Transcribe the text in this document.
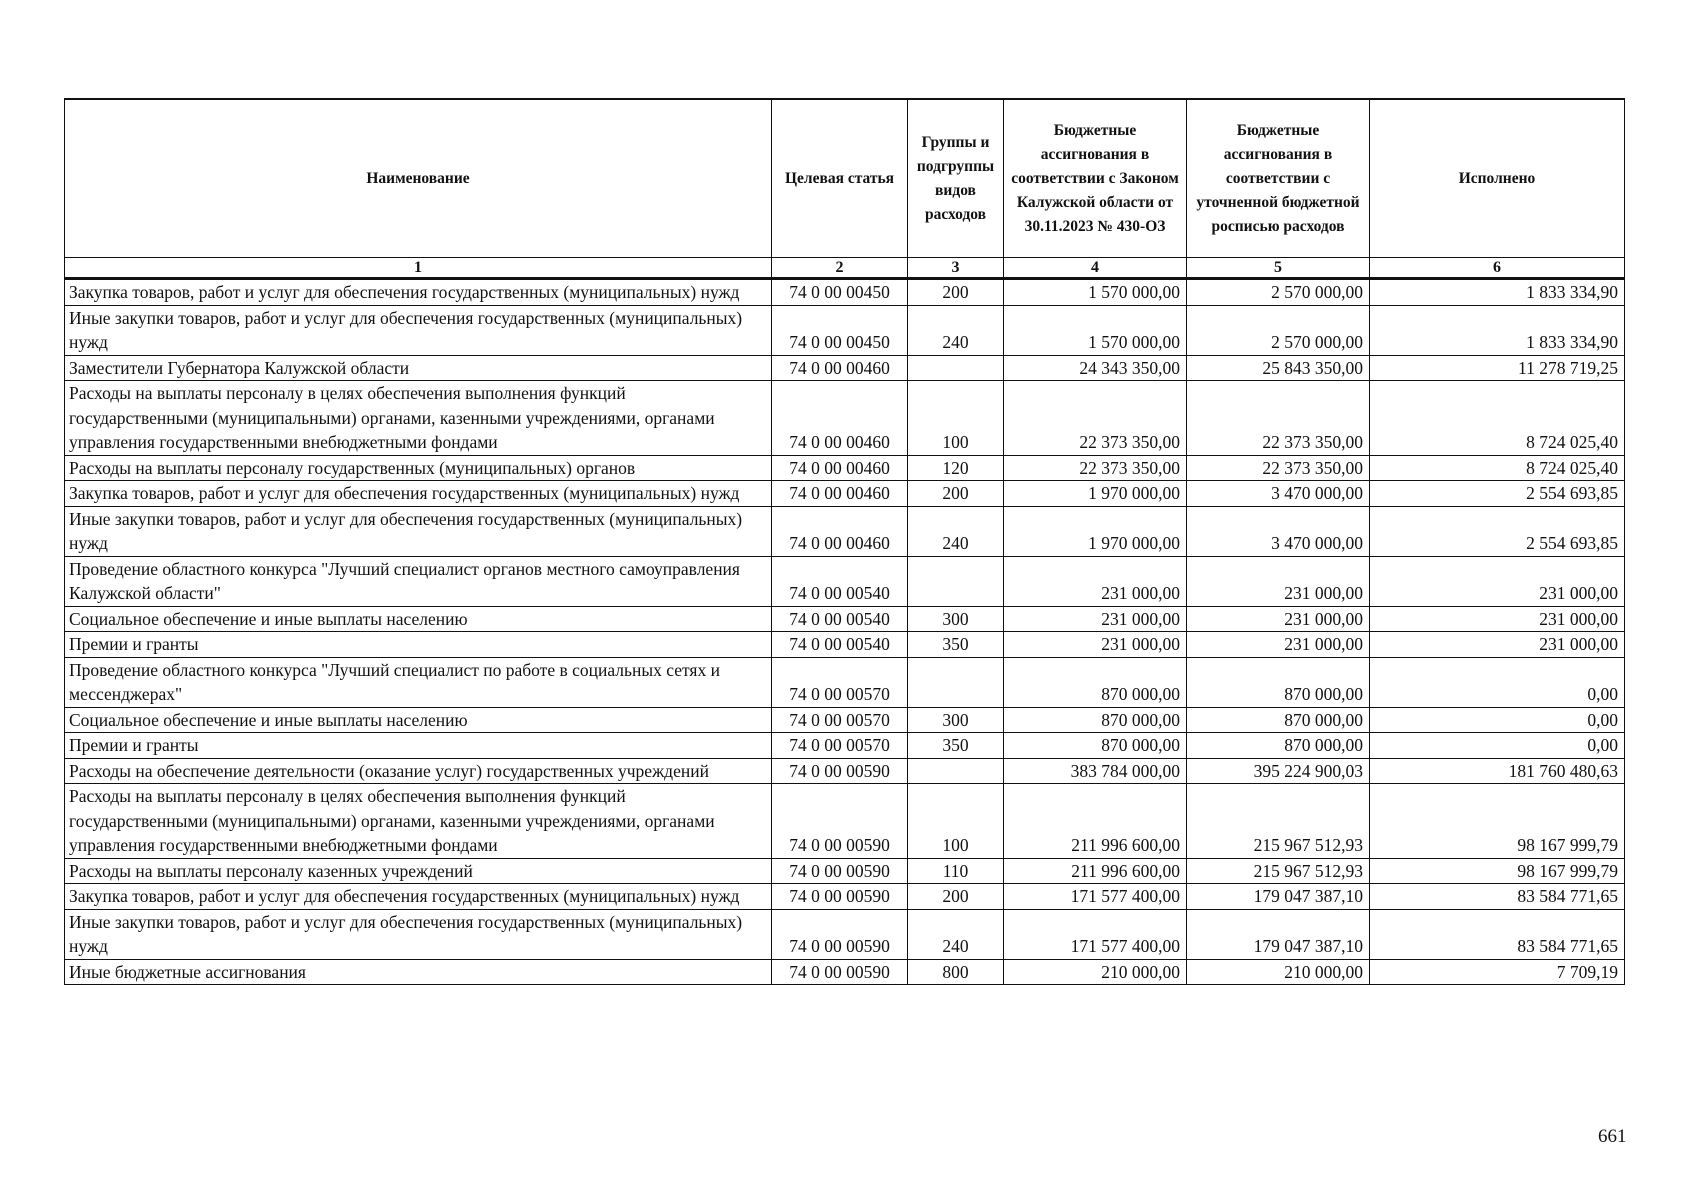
Наименование	Целевая статья	Группы и подгруппы видов расходов	Бюджетные ассигнования в соответствии с Законом Калужской области от 30.11.2023 № 430-ОЗ	Бюджетные ассигнования в соответствии с уточненной бюджетной росписью расходов	Исполнено
1	2	3	4	5	6
Закупка товаров, работ и услуг для обеспечения государственных (муниципальных) нужд	74 0 00 00450	200	1 570 000,00	2 570 000,00	1 833 334,90
Иные закупки товаров, работ и услуг для обеспечения государственных (муниципальных) нужд	74 0 00 00450	240	1 570 000,00	2 570 000,00	1 833 334,90
Заместители Губернатора Калужской области	74 0 00 00460		24 343 350,00	25 843 350,00	11 278 719,25
Расходы на выплаты персоналу в целях обеспечения выполнения функций государственными (муниципальными) органами, казенными учреждениями, органами управления государственными внебюджетными фондами	74 0 00 00460	100	22 373 350,00	22 373 350,00	8 724 025,40
Расходы на выплаты персоналу государственных (муниципальных) органов	74 0 00 00460	120	22 373 350,00	22 373 350,00	8 724 025,40
Закупка товаров, работ и услуг для обеспечения государственных (муниципальных) нужд	74 0 00 00460	200	1 970 000,00	3 470 000,00	2 554 693,85
Иные закупки товаров, работ и услуг для обеспечения государственных (муниципальных) нужд	74 0 00 00460	240	1 970 000,00	3 470 000,00	2 554 693,85
Проведение областного конкурса "Лучший специалист органов местного самоуправления Калужской области"	74 0 00 00540		231 000,00	231 000,00	231 000,00
Социальное обеспечение и иные выплаты населению	74 0 00 00540	300	231 000,00	231 000,00	231 000,00
Премии и гранты	74 0 00 00540	350	231 000,00	231 000,00	231 000,00
Проведение областного конкурса "Лучший специалист по работе в социальных сетях и мессенджерах"	74 0 00 00570		870 000,00	870 000,00	0,00
Социальное обеспечение и иные выплаты населению	74 0 00 00570	300	870 000,00	870 000,00	0,00
Премии и гранты	74 0 00 00570	350	870 000,00	870 000,00	0,00
Расходы на обеспечение деятельности (оказание услуг) государственных учреждений	74 0 00 00590		383 784 000,00	395 224 900,03	181 760 480,63
Расходы на выплаты персоналу в целях обеспечения выполнения функций государственными (муниципальными) органами, казенными учреждениями, органами управления государственными внебюджетными фондами	74 0 00 00590	100	211 996 600,00	215 967 512,93	98 167 999,79
Расходы на выплаты персоналу казенных учреждений	74 0 00 00590	110	211 996 600,00	215 967 512,93	98 167 999,79
Закупка товаров, работ и услуг для обеспечения государственных (муниципальных) нужд	74 0 00 00590	200	171 577 400,00	179 047 387,10	83 584 771,65
Иные закупки товаров, работ и услуг для обеспечения государственных (муниципальных) нужд	74 0 00 00590	240	171 577 400,00	179 047 387,10	83 584 771,65
Иные бюджетные ассигнования	74 0 00 00590	800	210 000,00	210 000,00	7 709,19
661
